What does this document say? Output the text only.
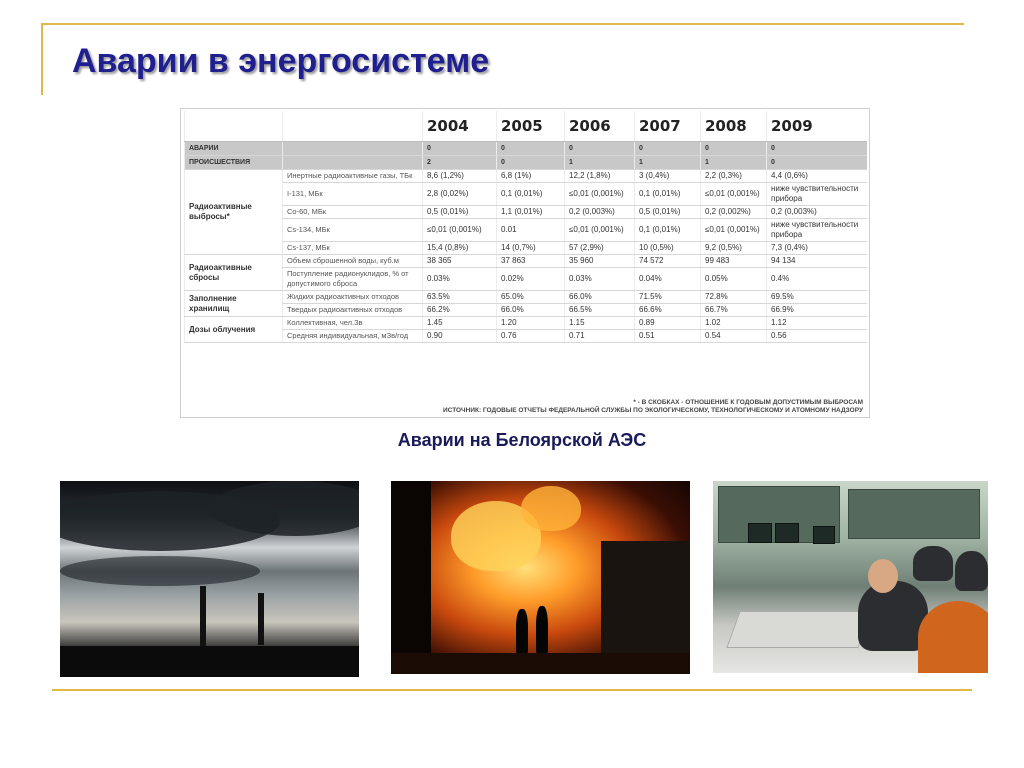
Аварии в энергосистеме
		2004	2005	2006	2007	2008	2009
АВАРИИ		0	0	0	0	0	0
ПРОИСШЕСТВИЯ		2	0	1	1	1	0
Радиоактивные выбросы*	Инертные радиоактивные газы, ТБк	8,6 (1,2%)	6,8 (1%)	12,2 (1,8%)	3 (0,4%)	2,2 (0,3%)	4,4 (0,6%)
	I-131, МБк	2,8 (0,02%)	0,1 (0,01%)	≤0,01 (0,001%)	0,1 (0,01%)	≤0,01 (0,001%)	ниже чувствительности прибора
	Co-60, МБк	0,5 (0,01%)	1,1 (0,01%)	0,2 (0,003%)	0,5 (0,01%)	0,2 (0,002%)	0,2 (0,003%)
	Cs-134, МБк	≤0,01 (0,001%)	0.01	≤0,01 (0,001%)	0,1 (0,01%)	≤0,01 (0,001%)	ниже чувствительности прибора
	Cs-137, МБк	15,4 (0,8%)	14 (0,7%)	57 (2,9%)	10 (0,5%)	9,2 (0,5%)	7,3 (0,4%)
Радиоактивные сбросы	Объем сброшенной воды, куб.м	38 365	37 863	35 960	74 572	99 483	94 134
	Поступление радионуклидов, % от допустимого сброса	0.03%	0.02%	0.03%	0.04%	0.05%	0.4%
Заполнение хранилищ	Жидких радиоактивных отходов	63.5%	65.0%	66.0%	71.5%	72.8%	69.5%
	Твердых радиоактивных отходов	66.2%	66.0%	66.5%	66.6%	66.7%	66.9%
Дозы облучения	Коллективная, чел.Зв	1.45	1.20	1.15	0.89	1.02	1.12
	Средняя индивидуальная, мЗв/год	0.90	0.76	0.71	0.51	0.54	0.56
* - В СКОБКАХ - ОТНОШЕНИЕ К ГОДОВЫМ ДОПУСТИМЫМ ВЫБРОСАМ
ИСТОЧНИК: ГОДОВЫЕ ОТЧЕТЫ ФЕДЕРАЛЬНОЙ СЛУЖБЫ ПО ЭКОЛОГИЧЕСКОМУ, ТЕХНОЛОГИЧЕСКОМУ И АТОМНОМУ НАДЗОРУ
Аварии на Белоярской АЭС
